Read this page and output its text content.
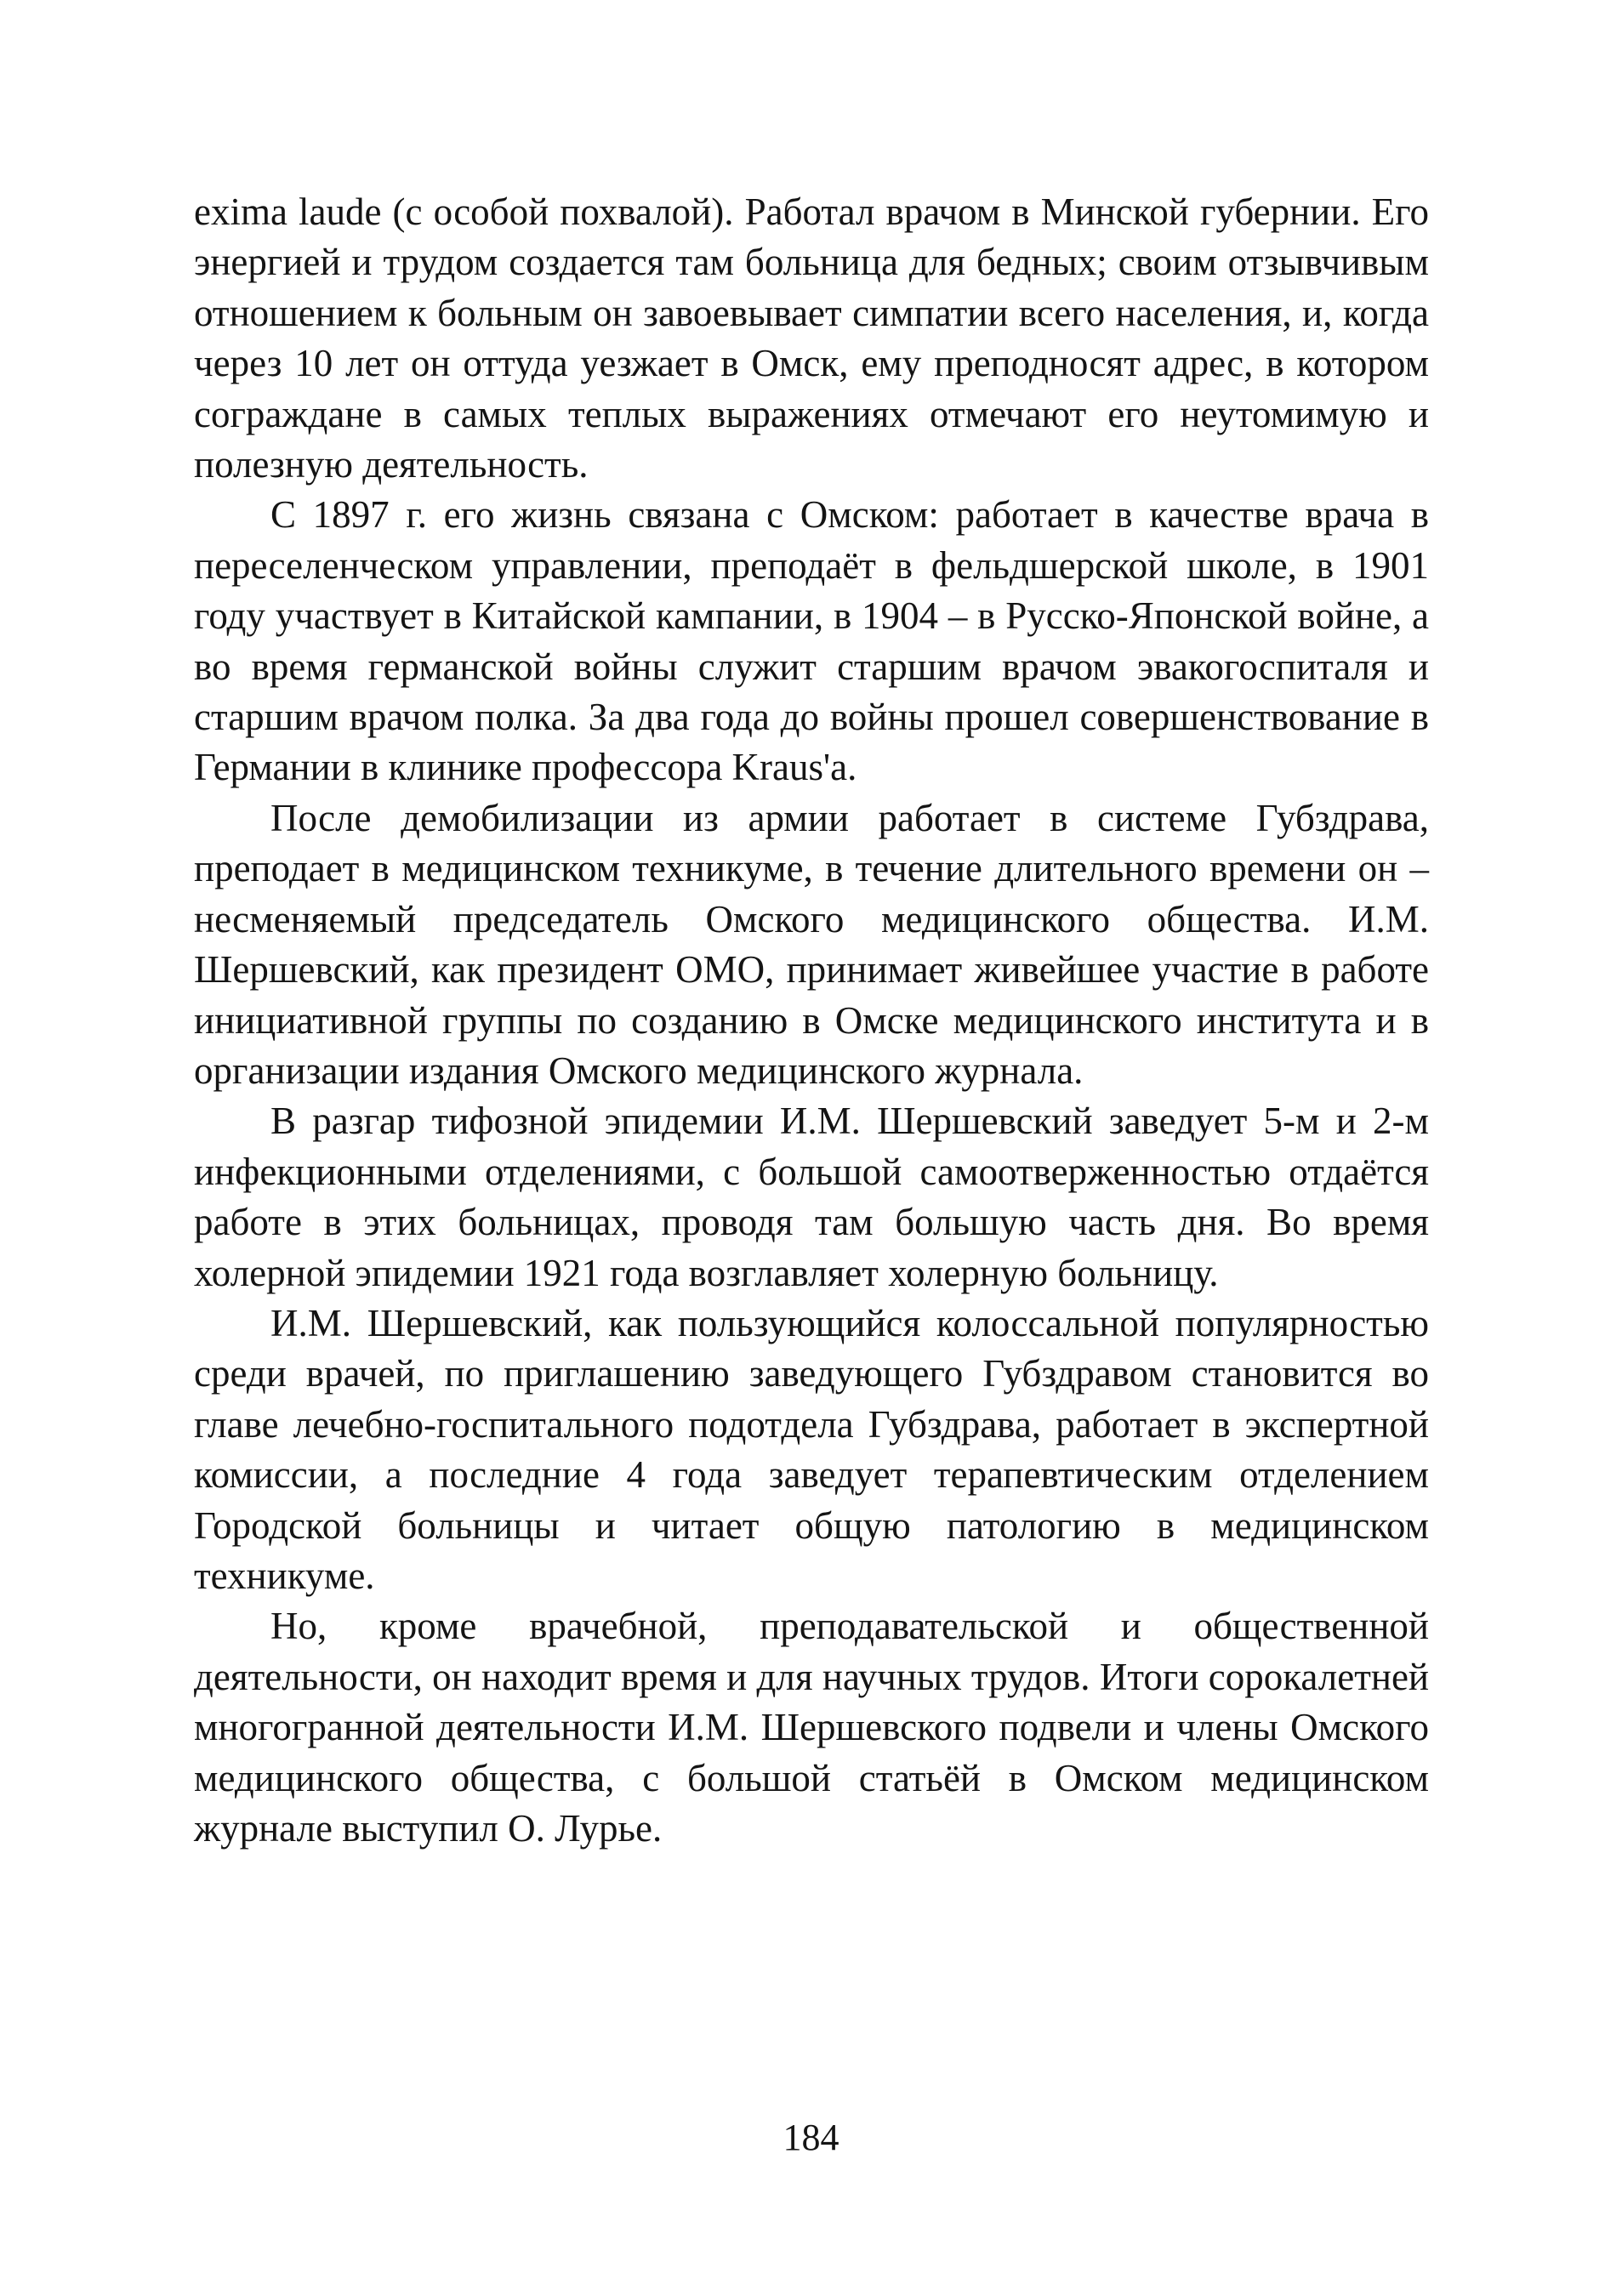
exima laude (с особой похвалой). Работал врачом в Минской губернии. Его энергией и трудом создается там больница для бедных; своим отзывчивым отношением к больным он завоевывает симпатии всего населения, и, когда через 10 лет он оттуда уезжает в Омск, ему преподносят адрес, в котором сограждане в самых теплых выражениях отмечают его неутомимую и полезную деятельность.

С 1897 г. его жизнь связана с Омском: работает в качестве врача в переселенческом управлении, преподаёт в фельдшерской школе, в 1901 году участвует в Китайской кампании, в 1904 – в Русско-Японской войне, а во время германской войны служит старшим врачом эвакогоспиталя и старшим врачом полка. За два года до войны прошел совершенствование в Германии в клинике профессора Kraus'a.

После демобилизации из армии работает в системе Губздрава, преподает в медицинском техникуме, в течение длительного времени он – несменяемый председатель Омского медицинского общества. И.М. Шершевский, как президент ОМО, принимает живейшее участие в работе инициативной группы по созданию в Омске медицинского института и в организации издания Омского медицинского журнала.

В разгар тифозной эпидемии И.М. Шершевский заведует 5-м и 2-м инфекционными отделениями, с большой самоотверженностью отдаётся работе в этих больницах, проводя там большую часть дня. Во время холерной эпидемии 1921 года возглавляет холерную больницу.

И.М. Шершевский, как пользующийся колоссальной популярностью среди врачей, по приглашению заведующего Губздравом становится во главе лечебно-госпитального подотдела Губздрава, работает в экспертной комиссии, а последние 4 года заведует терапевтическим отделением Городской больницы и читает общую патологию в медицинском техникуме.

Но, кроме врачебной, преподавательской и общественной деятельности, он находит время и для научных трудов. Итоги сорокалетней многогранной деятельности И.М. Шершевского подвели и члены Омского медицинского общества, с большой статьёй в Омском медицинском журнале выступил О. Лурье.

184
